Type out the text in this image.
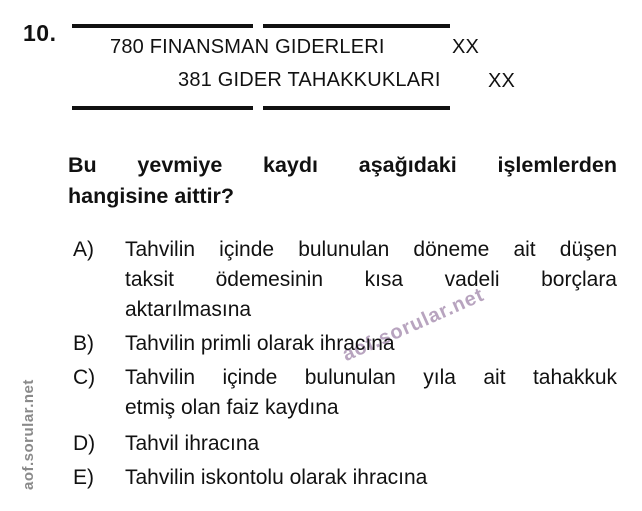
10.
780 FINANSMAN GIDERLERI	XX
381 GIDER TAHAKKUKLARI XX
Bu yevmiye kaydı aşağıdaki işlemlerden
hangisine aittir?
A)	Tahvilin içinde bulunulan döneme ait düşen
taksit ödemesinin kısa vadeli borçlara
aktarılmasına
B)	Tahvilin primli olarak ihracına
C)	Tahvilin içinde bulunulan yıla ait tahakkuk
etmiş olan faiz kaydına
D)	Tahvil ihracına
E)	Tahvilin iskontolu olarak ihracına
aof.sorular.net
aof.sorular.net
